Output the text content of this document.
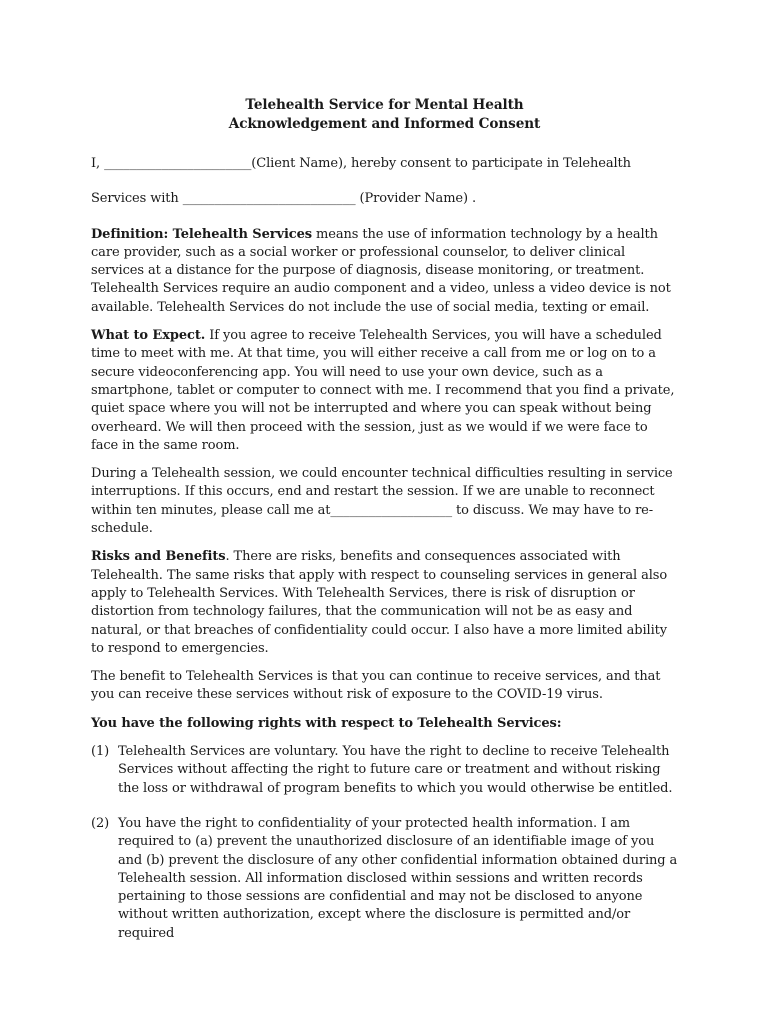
Telehealth Service for Mental Health

Acknowledgement and Informed Consent

I, _______________________(Client Name), hereby consent to participate in Telehealth

Services with ___________________________ (Provider Name) .

Definition: Telehealth Services means the use of information technology by a health care provider, such as a social worker or professional counselor, to deliver clinical services at a distance for the purpose of diagnosis, disease monitoring, or treatment. Telehealth Services require an audio component and a video, unless a video device is not available. Telehealth Services do not include the use of social media, texting or email.

What to Expect. If you agree to receive Telehealth Services, you will have a scheduled time to meet with me. At that time, you will either receive a call from me or log on to a secure videoconferencing app. You will need to use your own device, such as a smartphone, tablet or computer to connect with me. I recommend that you find a private, quiet space where you will not be interrupted and where you can speak without being overheard. We will then proceed with the session, just as we would if we were face to face in the same room.

During a Telehealth session, we could encounter technical difficulties resulting in service interruptions. If this occurs, end and restart the session. If we are unable to reconnect within ten minutes, please call me at___________________ to discuss. We may have to re-schedule.

Risks and Benefits. There are risks, benefits and consequences associated with Telehealth. The same risks that apply with respect to counseling services in general also apply to Telehealth Services. With Telehealth Services, there is risk of disruption or distortion from technology failures, that the communication will not be as easy and natural, or that breaches of confidentiality could occur. I also have a more limited ability to respond to emergencies.

The benefit to Telehealth Services is that you can continue to receive services, and that you can receive these services without risk of exposure to the COVID-19 virus.

You have the following rights with respect to Telehealth Services:

(1) Telehealth Services are voluntary. You have the right to decline to receive Telehealth Services without affecting the right to future care or treatment and without risking the loss or withdrawal of program benefits to which you would otherwise be entitled.
(2) You have the right to confidentiality of your protected health information. I am required to (a) prevent the unauthorized disclosure of an identifiable image of you and (b) prevent the disclosure of any other confidential information obtained during a Telehealth session. All information disclosed within sessions and written records pertaining to those sessions are confidential and may not be disclosed to anyone without written authorization, except where the disclosure is permitted and/or required
